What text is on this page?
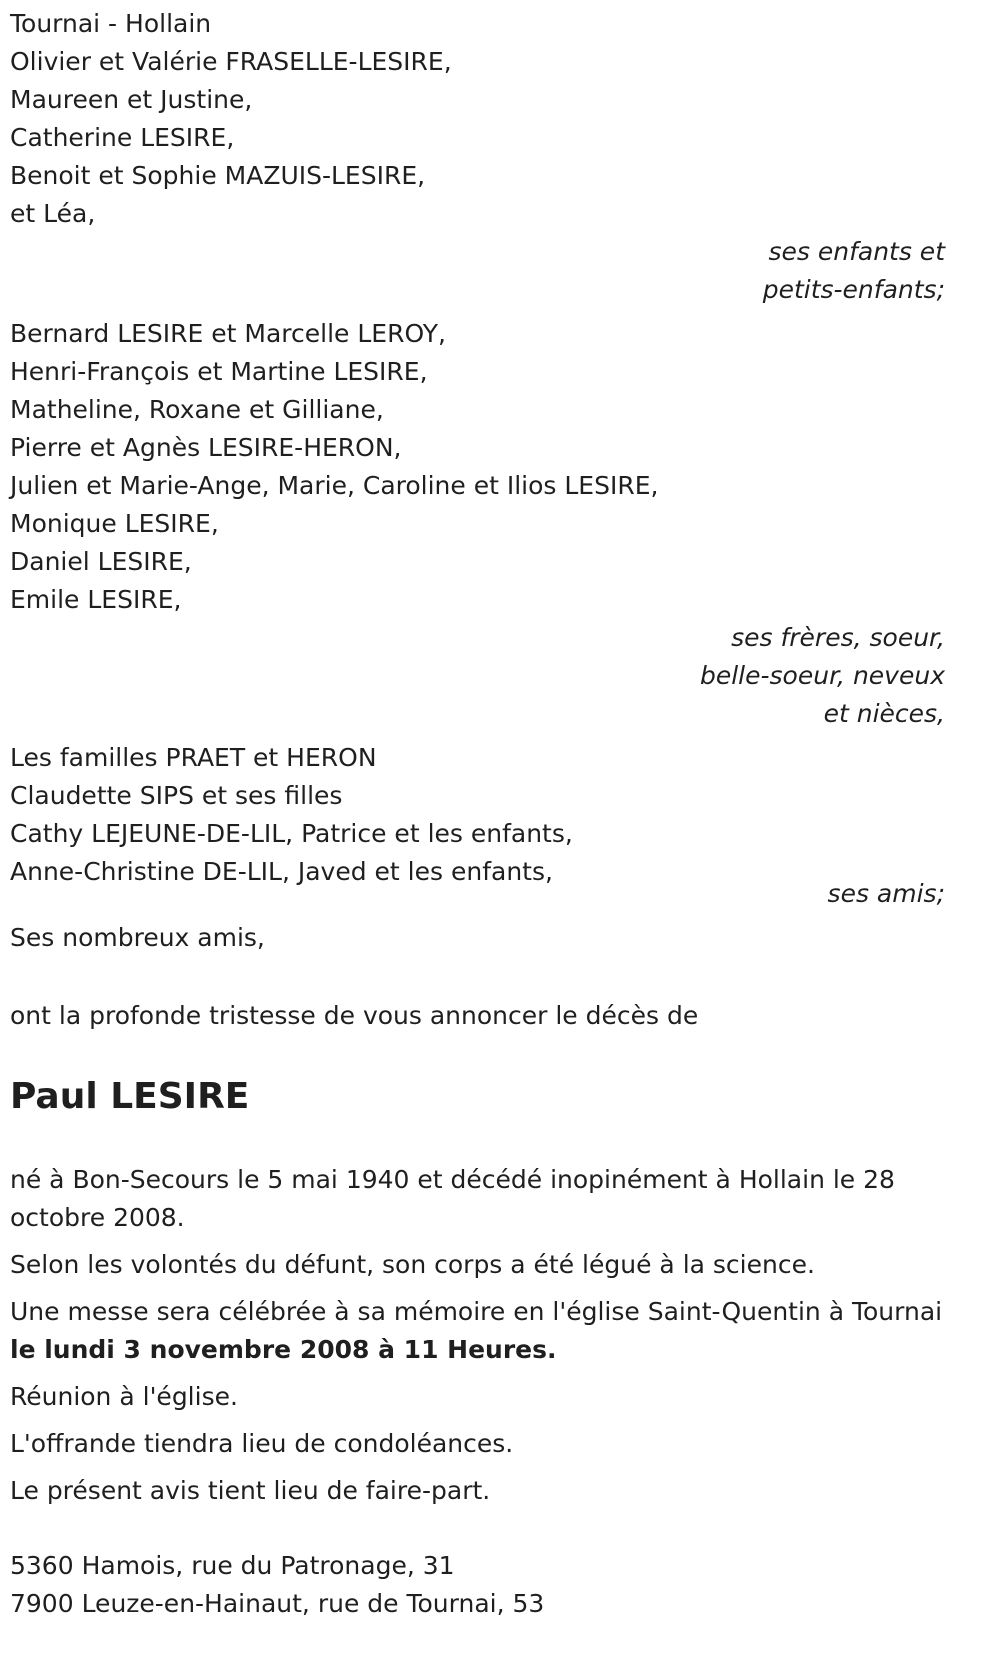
Tournai - Hollain
Olivier et Valérie FRASELLE-LESIRE,
Maureen et Justine,
Catherine LESIRE,
Benoit et Sophie MAZUIS-LESIRE,
et Léa,
ses enfants et
petits-enfants;
Bernard LESIRE et Marcelle LEROY,
Henri-François et Martine LESIRE,
Matheline, Roxane et Gilliane,
Pierre et Agnès LESIRE-HERON,
Julien et Marie-Ange, Marie, Caroline et Ilios LESIRE,
Monique LESIRE,
Daniel LESIRE,
Emile LESIRE,
ses frères, soeur,
belle-soeur, neveux
et nièces,
Les familles PRAET et HERON
Claudette SIPS et ses filles
Cathy LEJEUNE-DE-LIL, Patrice et les enfants,
Anne-Christine DE-LIL, Javed et les enfants,
ses amis;
Ses nombreux amis,
ont la profonde tristesse de vous annoncer le décès de
Paul LESIRE

né à Bon-Secours le 5 mai 1940 et décédé inopinément à Hollain le 28 octobre 2008.

Selon les volontés du défunt, son corps a été légué à la science.

Une messe sera célébrée à sa mémoire en l'église Saint-Quentin à Tournai le lundi 3 novembre 2008 à 11 Heures.

Réunion à l'église.

L'offrande tiendra lieu de condoléances.

Le présent avis tient lieu de faire-part.

5360 Hamois, rue du Patronage, 31
7900 Leuze-en-Hainaut, rue de Tournai, 53
